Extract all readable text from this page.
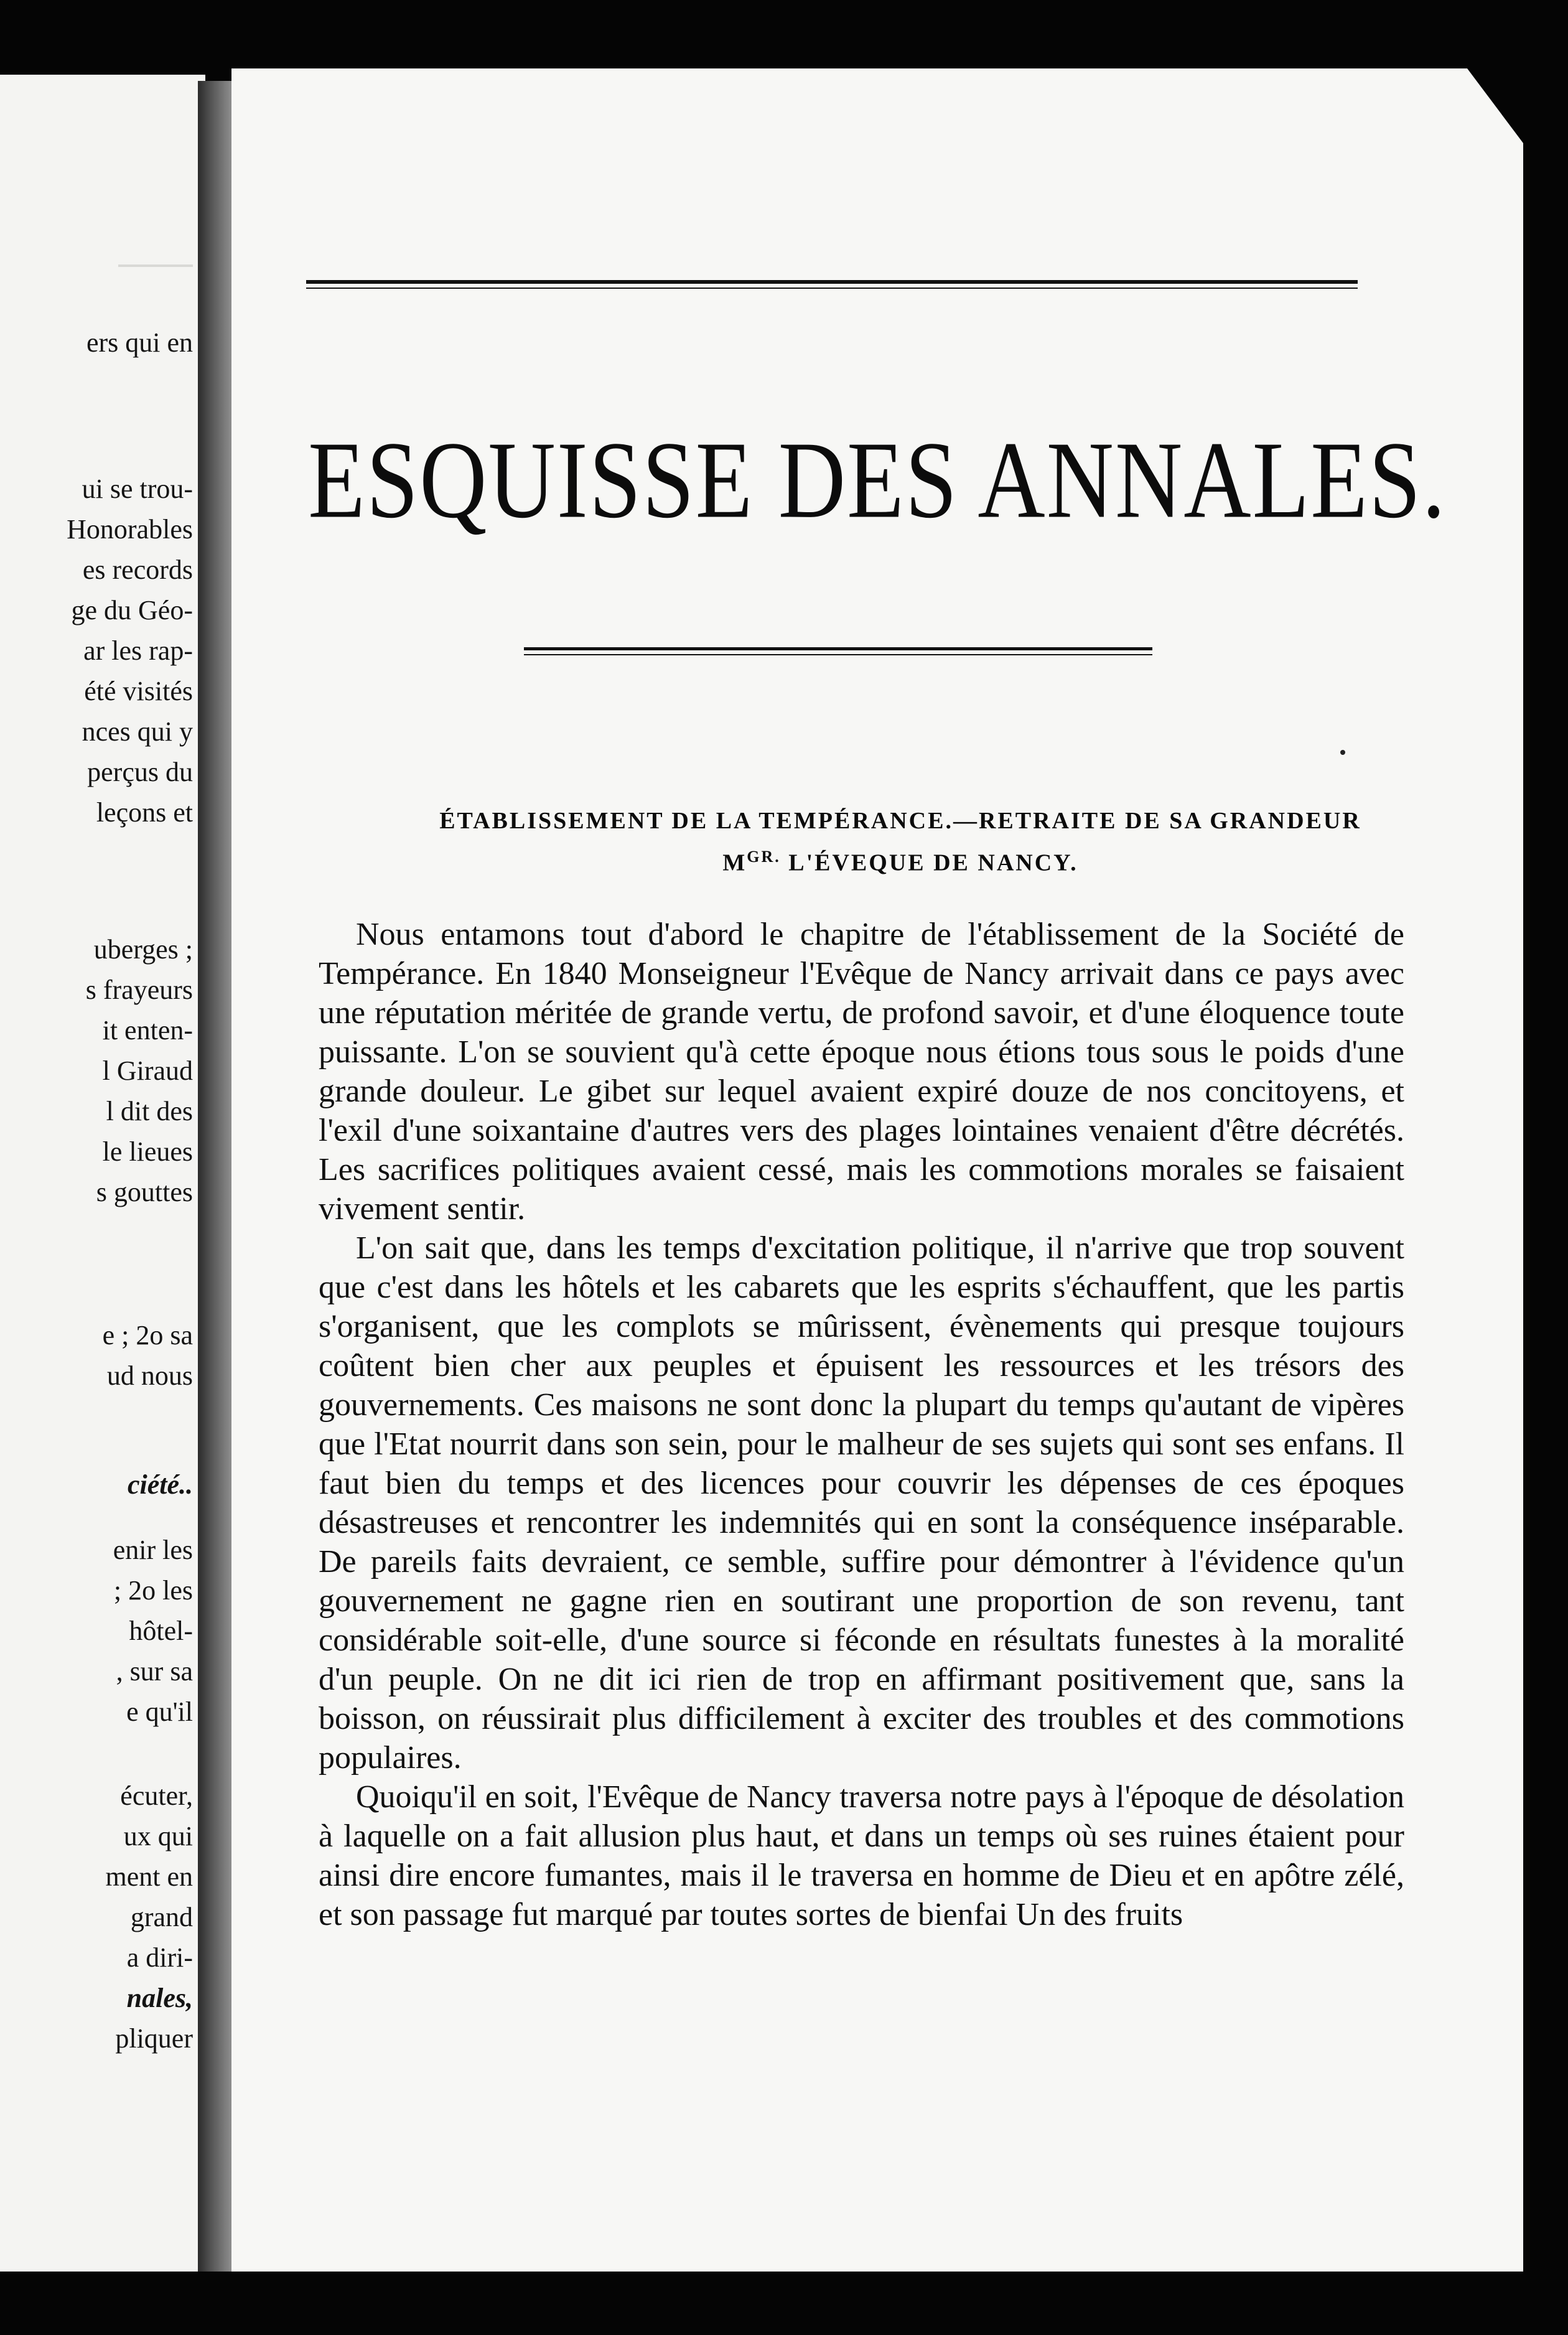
ers qui en
ui se trou-
Honorables
es records
ge du Géo-
ar les rap-
été visités
nces qui y
perçus du
leçons et
uberges ;
s frayeurs
it enten-
l Giraud
l dit des
le lieues
s gouttes
e ; 2o sa
ud nous
ciété..
enir les
; 2o les
hôtel-
, sur sa
e qu'il
écuter,
ux qui
ment en
grand
a diri-
nales,
pliquer
ESQUISSE DES ANNALES.
ÉTABLISSEMENT DE LA TEMPÉRANCE.—RETRAITE DE SA GRANDEUR
$M^{GR.}$ L'ÉVEQUE DE NANCY.

Nous entamons tout d'abord le chapitre de l'établissement de la Société de Tempérance. En 1840 Monseigneur l'Evêque de Nancy arrivait dans ce pays avec une réputation méritée de grande vertu, de profond savoir, et d'une éloquence toute puissante. L'on se souvient qu'à cette époque nous étions tous sous le poids d'une grande douleur. Le gibet sur lequel avaient expiré douze de nos concitoyens, et l'exil d'une soixantaine d'autres vers des plages lointaines venaient d'être décrétés. Les sacrifices politiques avaient cessé, mais les commotions morales se faisaient vivement sentir.

L'on sait que, dans les temps d'excitation politique, il n'arrive que trop souvent que c'est dans les hôtels et les cabarets que les esprits s'échauffent, que les partis s'organisent, que les complots se mûrissent, évènements qui presque toujours coûtent bien cher aux peuples et épuisent les ressources et les trésors des gouvernements. Ces maisons ne sont donc la plupart du temps qu'autant de vipères que l'Etat nourrit dans son sein, pour le malheur de ses sujets qui sont ses enfans. Il faut bien du temps et des licences pour couvrir les dépenses de ces époques désastreuses et rencontrer les indemnités qui en sont la conséquence inséparable. De pareils faits devraient, ce semble, suffire pour démontrer à l'évidence qu'un gouvernement ne gagne rien en soutirant une proportion de son revenu, tant considérable soit-elle, d'une source si féconde en résultats funestes à la moralité d'un peuple. On ne dit ici rien de trop en affirmant positivement que, sans la boisson, on réussirait plus difficilement à exciter des troubles et des commotions populaires.

Quoiqu'il en soit, l'Evêque de Nancy traversa notre pays à l'époque de désolation à laquelle on a fait allusion plus haut, et dans un temps où ses ruines étaient pour ainsi dire encore fumantes, mais il le traversa en homme de Dieu et en apôtre zélé, et son passage fut marqué par toutes sortes de bienfai Un des fruits
